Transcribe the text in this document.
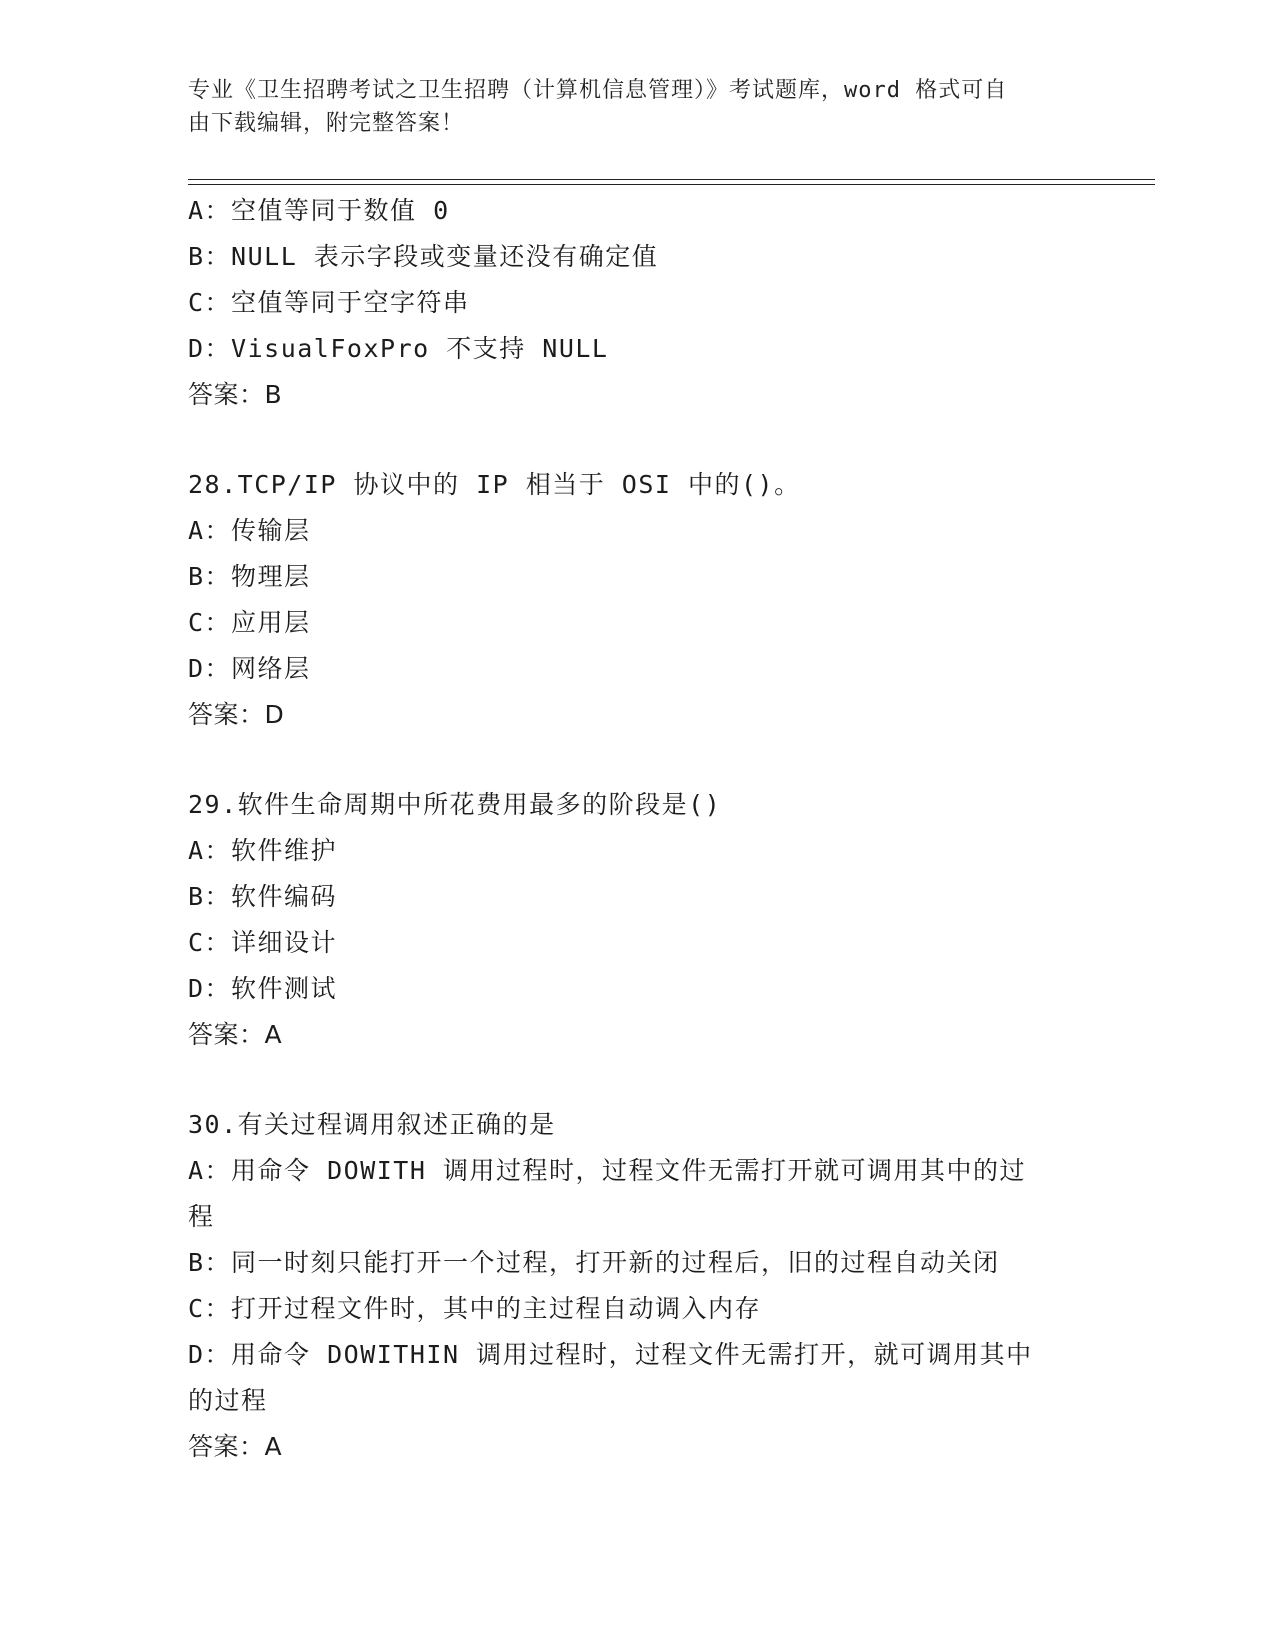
专业《卫生招聘考试之卫生招聘（计算机信息管理）》考试题库，word 格式可自
由下载编辑，附完整答案！
A：空值等同于数值 0
B：NULL 表示字段或变量还没有确定值
C：空值等同于空字符串
D：VisualFoxPro 不支持 NULL
答案：B
28.TCP/IP 协议中的 IP 相当于 OSI 中的()。
A：传输层
B：物理层
C：应用层
D：网络层
答案：D
29.软件生命周期中所花费用最多的阶段是()
A：软件维护
B：软件编码
C：详细设计
D：软件测试
答案：A
30.有关过程调用叙述正确的是
A：用命令 DOWITH 调用过程时，过程文件无需打开就可调用其中的过
程
B：同一时刻只能打开一个过程，打开新的过程后，旧的过程自动关闭
C：打开过程文件时，其中的主过程自动调入内存
D：用命令 DOWITHIN 调用过程时，过程文件无需打开，就可调用其中
的过程
答案：A
